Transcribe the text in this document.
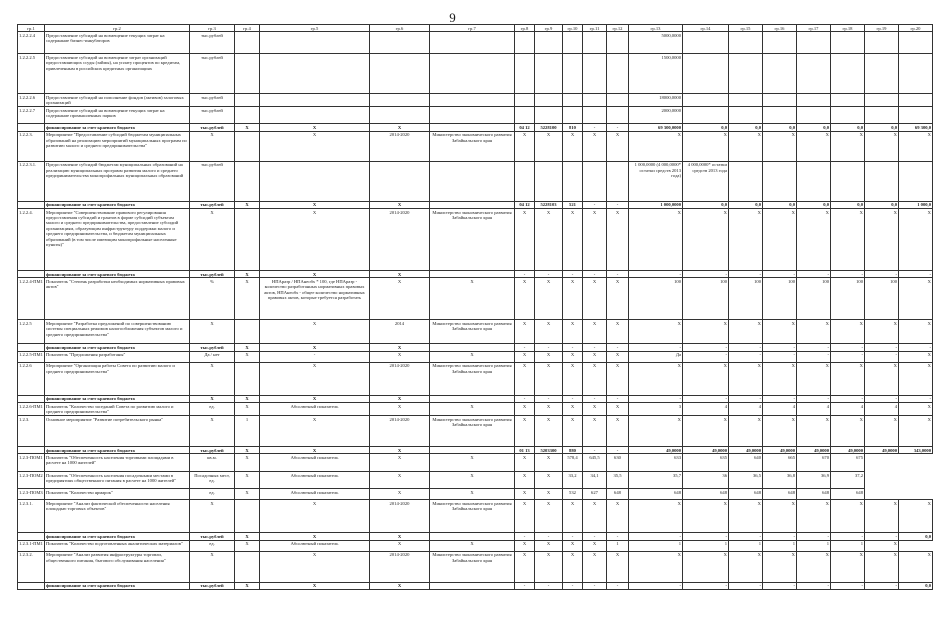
9
гр.1	гр.2	гр.3	гр.4	гр.5	гр.6	гр.7	гр.8	гр.9	гр.10	гр.11	гр.12	гр.13	гр.14	гр.15	гр.16	гр.17	гр.18	гр.19	гр.20
1.2.2.2.4	Предоставление субсидий на возмещение текущих затрат на содержание бизнес-инкубаторов	тыс.рублей										5000,0000							
1.2.2.2.5	Предоставление субсидий на возмещение затрат организаций предоставляющих ссуды (займы), на уплату процентов по кредитам, привлеченным в российских кредитных организациях	тыс.рублей										1500,0000							
1.2.2.2.6	Предоставление субсидий на пополнение фондов (активов) залоговых организаций	тыс.рублей										18000,0000							
1.2.2.2.7	Предоставление субсидий на возмещение текущих затрат на содержание промышленных парков	тыс.рублей										2000,0000							
	финансирование за счет краевого бюджета	тыс.рублей	X	X	X		04 12	5228100	810	-	-	69 300,0000	0,0	0,0	0,0	0,0	0,0	0,0	69 300,0
1.2.2.3.	Мероприятие "Предоставление субсидий бюджетам муниципальных образований на реализацию мероприятий муниципальных программ по развитию малого и среднего предпринимательства"	X		X	2014-2020	Министерство экономического развития Забайкальского края	X	X	X	X	X	X	X	X	X	X	X	X	X
1.2.2.3.1.	Предоставление субсидий бюджетам муниципальных образований на реализацию муниципальных программ развития малого и среднего предпринимательства монопрофильных муниципальных образований	тыс.рублей										1 000,0000 (4 000,0000* остатки средств 2013 года)	4 000,0000* остатки средств 2013 года						
	финансирование за счет краевого бюджета	тыс.рублей	X	X	X		04 12	5228103	521	-	-	1 000,0000	0,0	0,0	0,0	0,0	0,0	0,0	1 000,0
1.2.2.4.	Мероприятие "Совершенствование правового регулирования предоставления субсидий и грантов в форме субсидий субъектам малого и среднего предпринимательства, предоставление субсидий организациям, образующим инфраструктуру поддержки малого и среднего предпринимательства, и бюджетам муниципальных образований (в том числе имеющим монопрофильные населенные пункты)"	X		X	2014-2020	Министерство экономического развития Забайкальского края	X	X	X	X	X	X	X	X	X	X	X	X	X
	финансирование за счет краевого бюджета	тыс.рублей	X	X	X		-	-	-	-	-	-	-	-	-	-	-	-	-
1.2.2.4-ПМ1	Показатель "Степень разработки необходимых нормативных правовых актов"	%	X	НПАразр / НПАнеобх * 100, где НПАразр - количество разработанных нормативных правовых актов, НПАнеобх - общее количество нормативных правовых актов, которые требуется разработать	X	X	X	X	X	X	X	100	100	100	100	100	100	100	X
1.2.2.5	Мероприятие "Разработка предложений по совершенствованию системы специальных режимов налогообложения субъектов малого и среднего предпринимательства"	X		X	2014	Министерство экономического развития Забайкальского края	X	X	X	X	X	X	X	X	X	X	X	X	X
	финансирование за счет краевого бюджета	тыс.рублей	X	X	X		-	-	-	-	-	-	-	-	-	-	-	-	-
1.2.2.5-ПМ1	Показатель "Предложения разработаны"	Да / нет	X	-	X	X	X	X	X	X	X	Да	-	-	-	-	-	-	X
1.2.2.6	Мероприятие "Организация работы Совета по развитию малого и среднего предпринимательства"	X		X	2014-2020	Министерство экономического развития Забайкальского края	X	X	X	X	X	X	X	X	X	X	X	X	X
	финансирование за счет краевого бюджета	X	X	X	X		-	-	-	-	-	-	-	-	-	-	-	-	-
1.2.2.6-ПМ1	Показатель "Количество заседаний Совета по развитию малого и среднего предпринимательства"	ед.	X	Абсолютный показатель	X	X	X	X	X	X	X	3	4	4	4	4	4	4	X
1.2.3.	Основное мероприятие "Развитие потребительского рынка"	X	1	X	2014-2020	Министерство экономического развития Забайкальского края	X	X	X	X	X	X	X	X	X	X	X	X	X
	финансирование за счет краевого бюджета	тыс.рублей	X	X	X		01 13	5203300	880	-	-	49,0000	49,0000	49,0000	49,0000	49,0000	49,0000	49,0000	343,0000
1.2.3-ПОМ1	Показатель "Обеспеченность населения торговыми площадями в расчете на 1000 жителей"	кв.м.	X	Абсолютный показатель	X	X	X	X	578,4	645,5	630	633	635	640	665	670	675		
1.2.3-ПОМ2	Показатель "Обеспеченность населения посадочными местами в предприятиях общественного питания в расчете на 1000 жителей"	Посадочных мест, ед.	X	Абсолютный показатель	X	X	X	X	33,2	34,1	35,5	35,7	36	36,5	36,8	36,9	37,2		
1.2.3-ПОМ3	Показатель "Количество ярмарок"	ед.	X	Абсолютный показатель	X	X	X	X	532	627	648	648	648	648	648	648	648		
1.2.3.1.	Мероприятие "Анализ фактической обеспеченности населения площадью торговых объектов"	X		X	2014-2020	Министерство экономического развития Забайкальского края	X	X	X	X	X	X	X	X	X	X	X	X	X
	финансирование за счет краевого бюджета	тыс.рублей	X	X	X		-	-	-	-	-	-	-	-	-	-	-	-	0,0
1.2.3.1-ПМ1	Показатель "Количество подготовленных аналитических материалов"	ед.	X	Абсолютный показатель	X	X	X	X	X	X	1	1	1	1	1	1	1	X	
1.2.3.2.	Мероприятие "Анализ развития инфраструктуры торговли, общественного питания, бытового обслуживания населения"	X		X	2014-2020	Министерство экономического развития Забайкальского края	X	X	X	X	X	X	X	X	X	X	X	X	X
	финансирование за счет краевого бюджета	тыс.рублей	X	X	X		-	-	-	-	-	-	-	-	-	-	-	-	0,0
